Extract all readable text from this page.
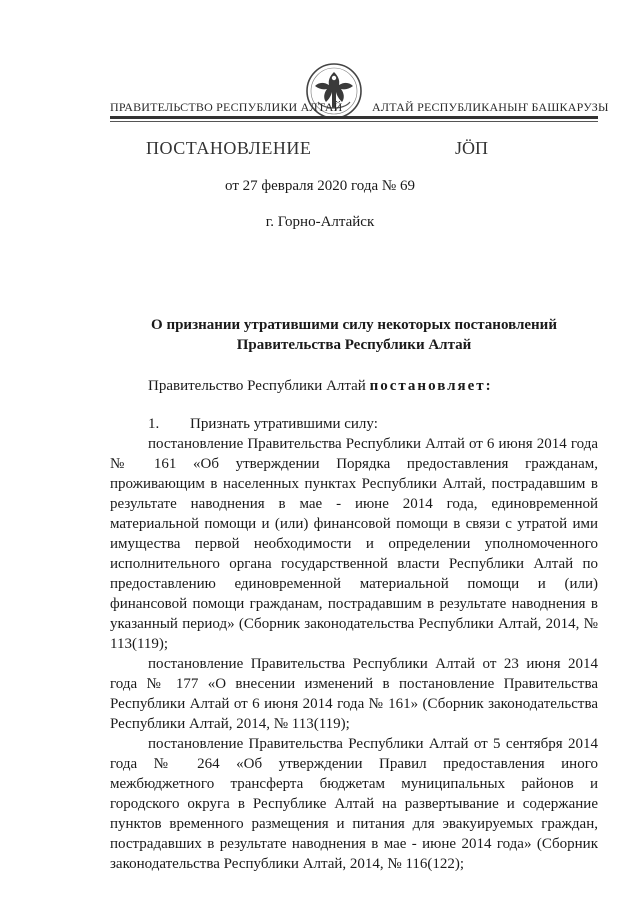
ПРАВИТЕЛЬСТВО РЕСПУБЛИКИ АЛТАЙ АЛТАЙ РЕСПУБЛИКАНЫҤ БАШКАРУЗЫ
ПОСТАНОВЛЕНИЕ	JÖП
от 27 февраля 2020 года № 69
г. Горно-Алтайск
О признании утратившими силу некоторых постановлений
Правительства Республики Алтай
Правительство Республики Алтай постановляет:

1. Признать утратившими силу:

постановление Правительства Республики Алтай от 6 июня 2014 года № 161 «Об утверждении Порядка предоставления гражданам, проживающим в населенных пунктах Республики Алтай, пострадавшим в результате наводнения в мае - июне 2014 года, единовременной материальной помощи и (или) финансовой помощи в связи с утратой ими имущества первой необходимости и определении уполномоченного исполнительного органа государственной власти Республики Алтай по предоставлению единовременной материальной помощи и (или) финансовой помощи гражданам, пострадавшим в результате наводнения в указанный период» (Сборник законодательства Республики Алтай, 2014, № 113(119);

постановление Правительства Республики Алтай от 23 июня 2014 года № 177 «О внесении изменений в постановление Правительства Республики Алтай от 6 июня 2014 года № 161» (Сборник законодательства Республики Алтай, 2014, № 113(119);

постановление Правительства Республики Алтай от 5 сентября 2014 года № 264 «Об утверждении Правил предоставления иного межбюджетного трансферта бюджетам муниципальных районов и городского округа в Республике Алтай на развертывание и содержание пунктов временного размещения и питания для эвакуируемых граждан, пострадавших в результате наводнения в мае - июне 2014 года» (Сборник законодательства Республики Алтай, 2014, № 116(122);
